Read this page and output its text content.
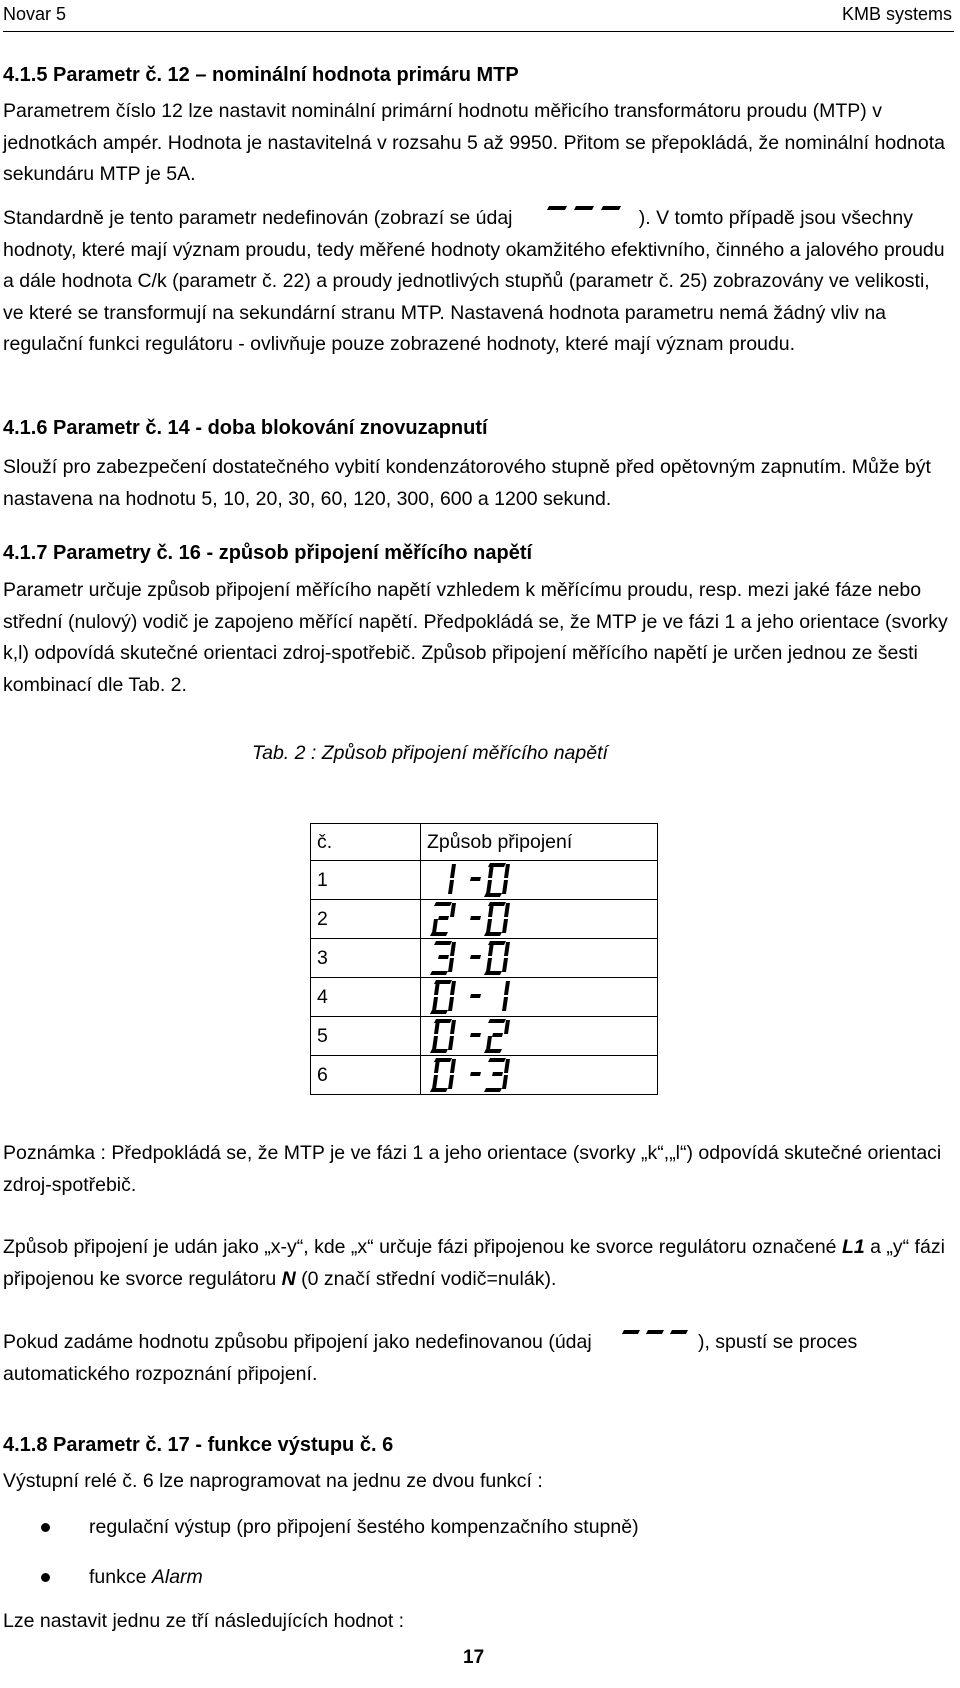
Novar 5	KMB systems
4.1.5 Parametr č. 12 – nominální hodnota primáru MTP
Parametrem číslo 12 lze nastavit nominální primární hodnotu měřicího transformátoru proudu (MTP) v jednotkách ampér. Hodnota je nastavitelná v rozsahu 5 až 9950. Přitom se přepokládá, že nominální hodnota sekundáru MTP je 5A.
Standardně je tento parametr nedefinován (zobrazí se údaj	). V tomto případě jsou všechny hodnoty, které mají význam proudu, tedy měřené hodnoty okamžitého efektivního, činného a jalového proudu a dále hodnota C/k (parametr č. 22) a proudy jednotlivých stupňů (parametr č. 25) zobrazovány ve velikosti, ve které se transformují na sekundární stranu MTP. Nastavená hodnota parametru nemá žádný vliv na regulační funkci regulátoru - ovlivňuje pouze zobrazené hodnoty, které mají význam proudu.
4.1.6 Parametr č. 14 - doba blokování znovuzapnutí
Slouží pro zabezpečení dostatečného vybití kondenzátorového stupně před opětovným zapnutím. Může být nastavena na hodnotu 5, 10, 20, 30, 60, 120, 300, 600 a 1200 sekund.
4.1.7 Parametry č. 16 - způsob připojení měřícího napětí
Parametr určuje způsob připojení měřícího napětí vzhledem k měřícímu proudu, resp. mezi jaké fáze nebo střední (nulový) vodič je zapojeno měřící napětí. Předpokládá se, že MTP je ve fázi 1 a jeho orientace (svorky k,l) odpovídá skutečné orientaci zdroj-spotřebič. Způsob připojení měřícího napětí je určen jednou ze šesti kombinací dle Tab. 2.
Tab. 2 : Způsob připojení měřícího napětí
č.	Způsob připojení
1	
2	
3	
4	
5	
6	
Poznámka : Předpokládá se, že MTP je ve fázi 1 a jeho orientace (svorky „k“,„l“) odpovídá skutečné orientaci zdroj-spotřebič.
Způsob připojení je udán jako „x-y“, kde „x“ určuje fázi připojenou ke svorce regulátoru označené L1 a „y“ fázi připojenou ke svorce regulátoru N (0 značí střední vodič=nulák).
Pokud zadáme hodnotu způsobu připojení jako nedefinovanou (údaj	), spustí se proces automatického rozpoznání připojení.
4.1.8 Parametr č. 17 - funkce výstupu č. 6
Výstupní relé č. 6 lze naprogramovat na jednu ze dvou funkcí :
regulační výstup (pro připojení šestého kompenzačního stupně)
funkce Alarm
Lze nastavit jednu ze tří následujících hodnot :
17
